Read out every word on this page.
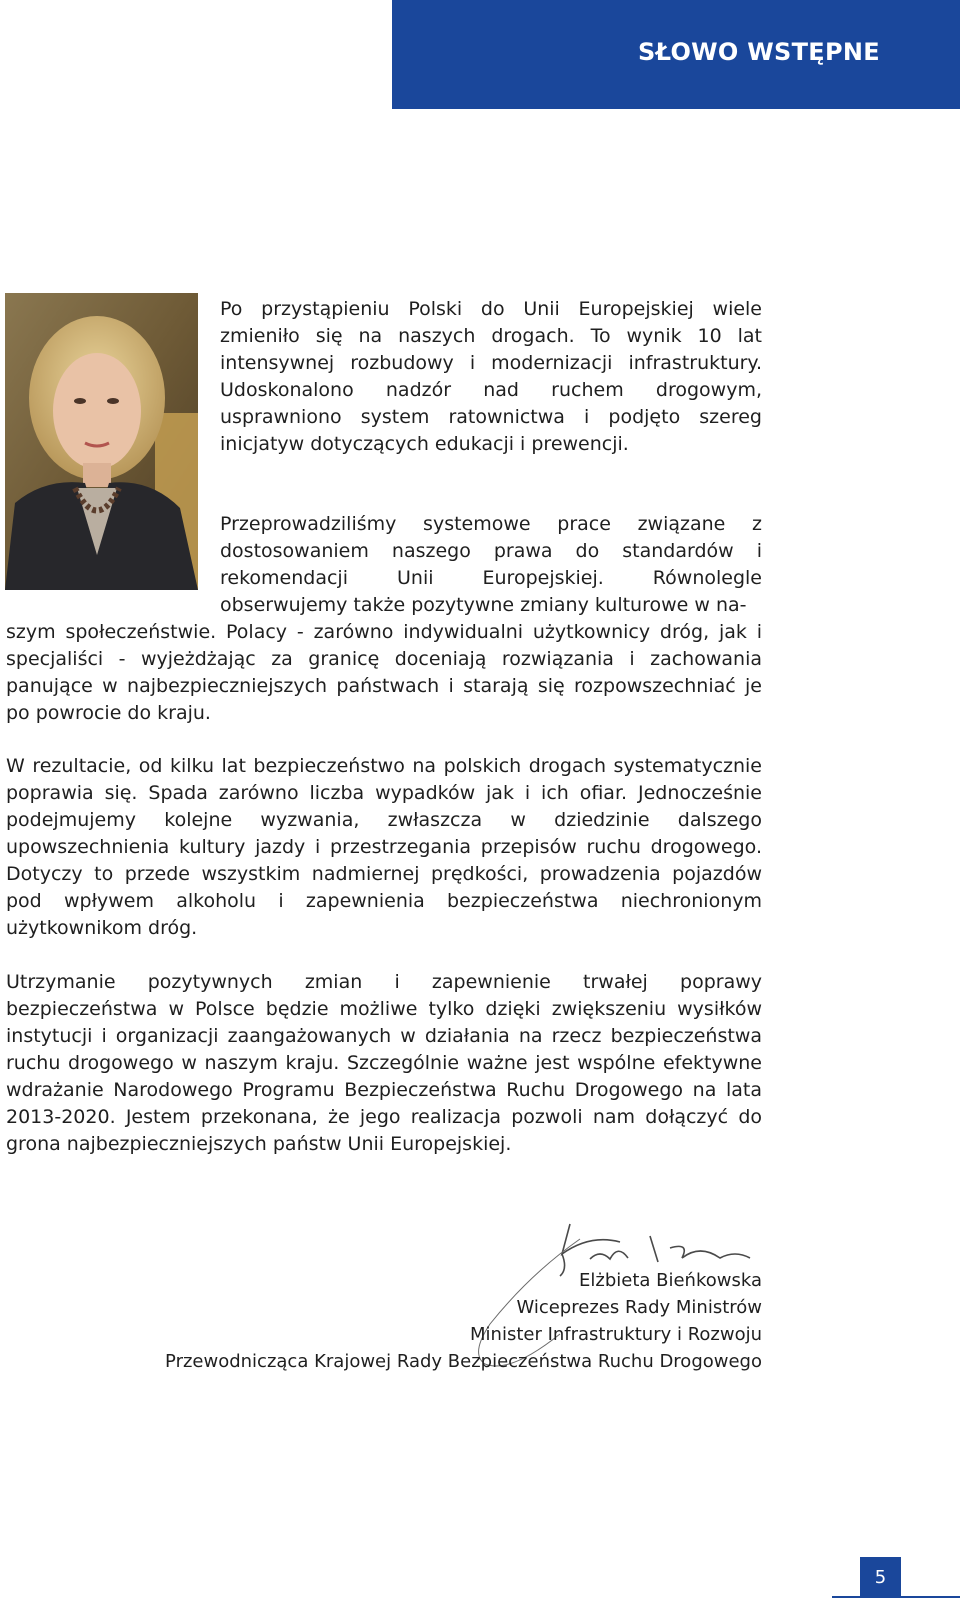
SŁOWO WSTĘPNE

Po przystąpieniu Polski do Unii Europejskiej wiele zmieniło się na naszych drogach. To wynik 10 lat intensywnej rozbudowy i modernizacji infrastruktury. Udoskonalono nadzór nad ruchem drogowym, usprawniono system ratownictwa i podjęto szereg inicjatyw dotyczących edukacji i prewencji.

Przeprowadziliśmy systemowe prace związane z dostosowaniem naszego prawa do standardów i rekomendacji Unii Europejskiej. Równolegle obserwujemy także pozytywne zmiany kulturowe w na-

szym społeczeństwie. Polacy - zarówno indywidualni użytkownicy dróg, jak i specjaliści - wyjeżdżając za granicę doceniają rozwiązania i zachowania panujące w najbezpieczniejszych państwach i starają się rozpowszechniać je po powrocie do kraju.

W rezultacie, od kilku lat bezpieczeństwo na polskich drogach systematycznie poprawia się. Spada zarówno liczba wypadków jak i ich ofiar. Jednocześnie podejmujemy kolejne wyzwania, zwłaszcza w dziedzinie dalszego upowszechnienia kultury jazdy i przestrzegania przepisów ruchu drogowego. Dotyczy to przede wszystkim nadmiernej prędkości, prowadzenia pojazdów pod wpływem alkoholu i zapewnienia bezpieczeństwa niechronionym użytkownikom dróg.

Utrzymanie pozytywnych zmian i zapewnienie trwałej poprawy bezpieczeństwa w Polsce będzie możliwe tylko dzięki zwiększeniu wysiłków instytucji i organizacji zaangażowanych w działania na rzecz bezpieczeństwa ruchu drogowego w naszym kraju. Szczególnie ważne jest wspólne efektywne wdrażanie Narodowego Programu Bezpieczeństwa Ruchu Drogowego na lata 2013-2020. Jestem przekonana, że jego realizacja pozwoli nam dołączyć do grona najbezpieczniejszych państw Unii Europejskiej.

Elżbieta Bieńkowska
Wiceprezes Rady Ministrów
Minister Infrastruktury i Rozwoju
Przewodnicząca Krajowej Rady Bezpieczeństwa Ruchu Drogowego
5
